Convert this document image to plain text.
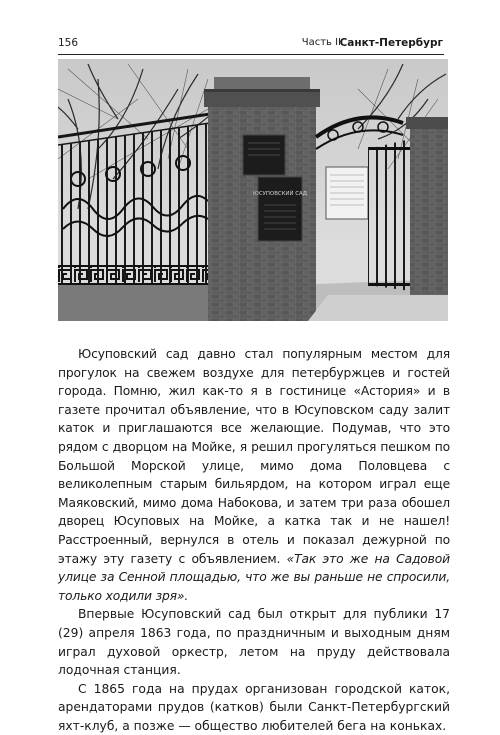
156	Часть II
Санкт-Петербург
ЮСУПОВСКИЙ САД

Юсуповский сад давно стал популярным местом для прогулок на свежем воздухе для петербуржцев и гостей города. Помню, жил как-то я в гостинице «Астория» и в газете прочитал объявление, что в Юсуповском саду залит каток и приглашаются все желающие. Подумав, что это рядом с дворцом на Мойке, я решил прогуляться пешком по Большой Морской улице, мимо дома Половцева с великолепным старым бильярдом, на котором играл еще Маяковский, мимо дома Набокова, и затем три раза обошел дворец Юсуповых на Мойке, а катка так и не нашел! Расстроенный, вернулся в отель и показал дежурной по этажу эту газету с объявлением. «Так это же на Садовой улице за Сенной площадью, что же вы раньше не спросили, только ходили зря».

Впервые Юсуповский сад был открыт для публики 17 (29) апреля 1863 года, по праздничным и выходным дням играл духовой оркестр, летом на пруду действовала лодочная станция.

С 1865 года на прудах организован городской каток, арендаторами прудов (катков) были Санкт-Петербургский яхт-клуб, а позже — общество любителей бега на коньках.
